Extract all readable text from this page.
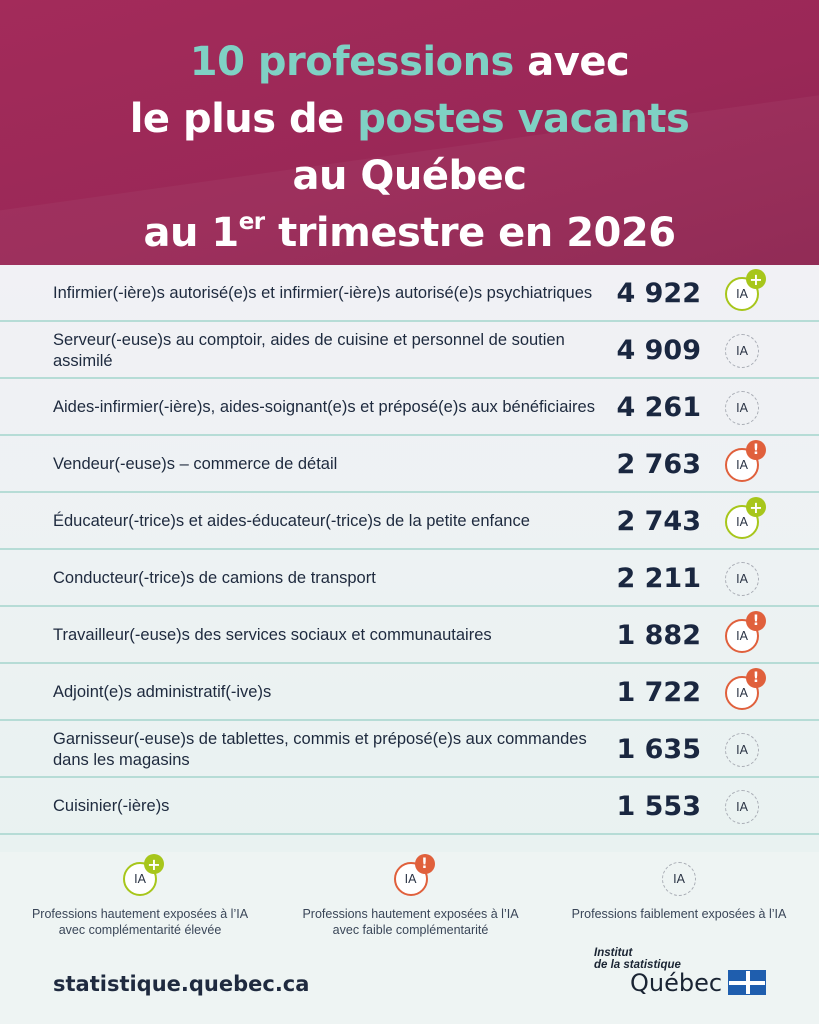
10 professions avec
le plus de postes vacants
au Québec
au 1er trimestre en 2026
Infirmier(-ière)s autorisé(e)s et infirmier(-ière)s autorisé(e)s psychiatriques 4 922	IA
+
Serveur(-euse)s au comptoir, aides de cuisine et personnel de soutien assimilé	4 909	IA
Aides-infirmier(-ière)s, aides-soignant(e)s et préposé(e)s aux bénéficiaires 4 261	IA
Vendeur(-euse)s – commerce de détail	2 763	IA
!
Éducateur(-trice)s et aides-éducateur(-trice)s de la petite enfance	2 743	IA
+
Conducteur(-trice)s de camions de transport	2 211	IA
Travailleur(-euse)s des services sociaux et communautaires	1 882	IA
!
Adjoint(e)s administratif(-ive)s	1 722	IA
!
Garnisseur(-euse)s de tablettes, commis et préposé(e)s aux commandes dans les magasins	1 635	IA
Cuisinier(-ière)s	1 553	IA
IA
+
Professions hautement exposées à l’IA
avec complémentarité élevée
IA
!
Professions hautement exposées à l’IA
avec faible complémentarité
IA
Professions faiblement exposées à l’IA
statistique.quebec.ca
Institut
de la statistique
Québec
